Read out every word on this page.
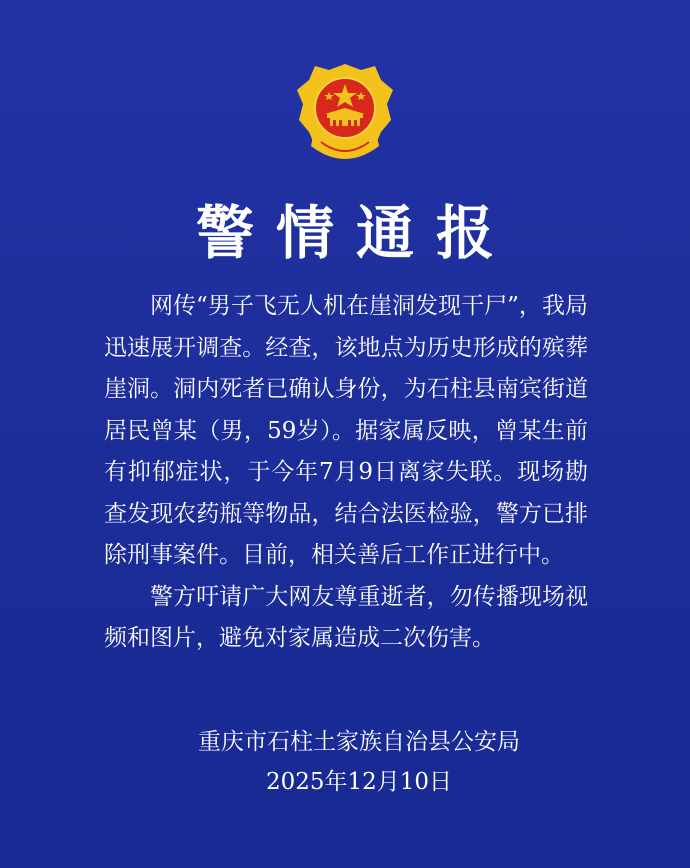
警情通报

网传“男子飞无人机在崖洞发现干尸”，我局迅速展开调查。经查，该地点为历史形成的殡葬崖洞。洞内死者已确认身份，为石柱县南宾街道居民曾某（男，59岁）。据家属反映，曾某生前有抑郁症状，于今年7月9日离家失联。现场勘查发现农药瓶等物品，结合法医检验，警方已排除刑事案件。目前，相关善后工作正进行中。

警方吁请广大网友尊重逝者，勿传播现场视频和图片，避免对家属造成二次伤害。

重庆市石柱土家族自治县公安局
2025年12月10日
